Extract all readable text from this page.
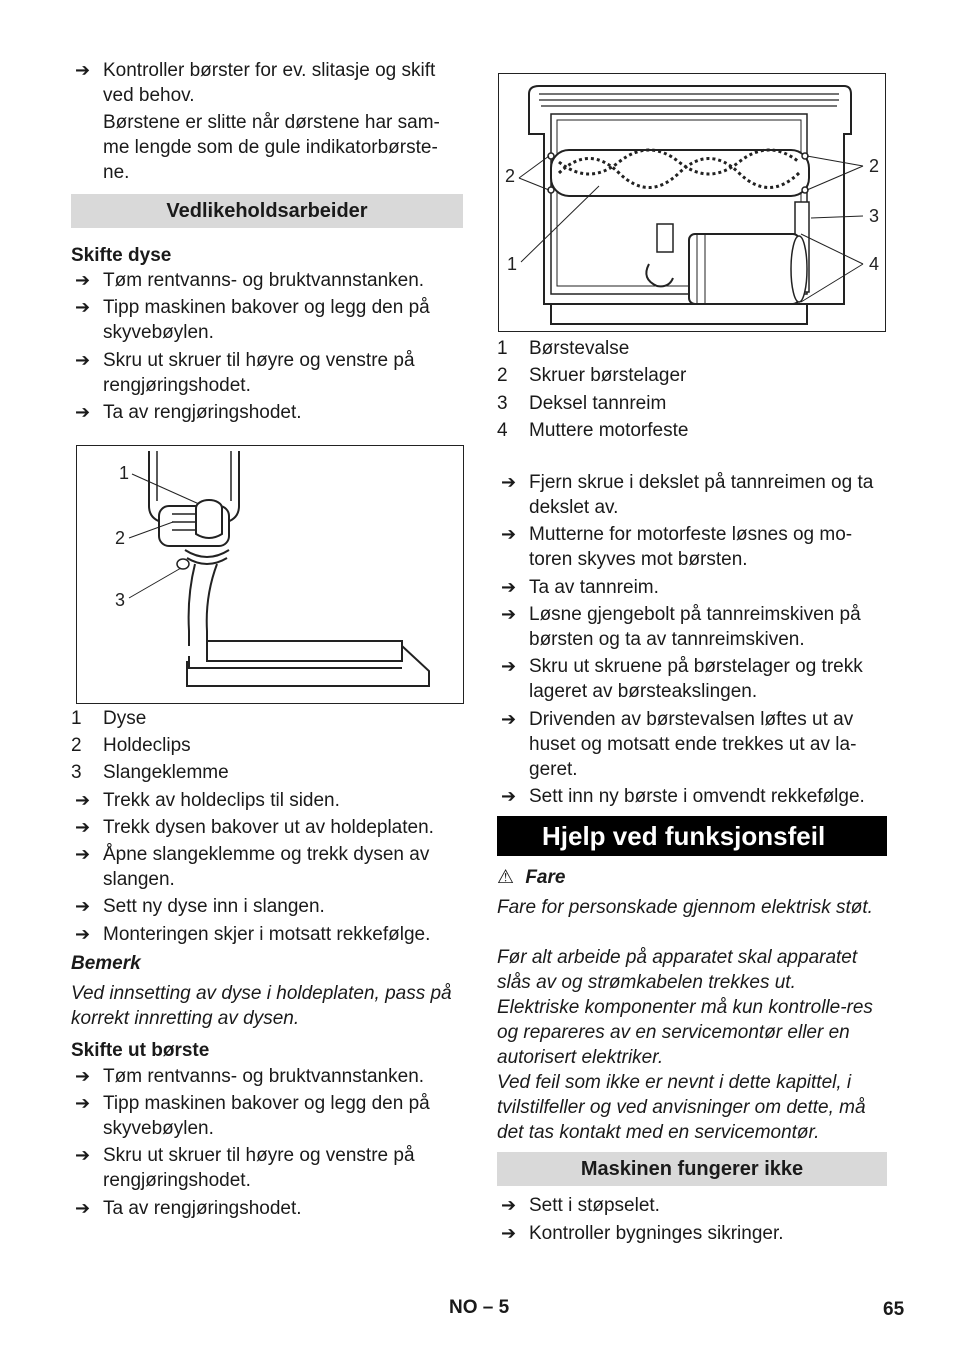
➔ Kontroller børster for ev. slitasje og skift ved behov.
Børstene er slitte når dørstene har sam-me lengde som de gule indikatorbørste-ne.
Vedlikeholdsarbeider
Skifte dyse
➔ Tøm rentvanns- og bruktvannstanken.
➔ Tipp maskinen bakover og legg den på skyvebøylen.
➔ Skru ut skruer til høyre og venstre på rengjøringshodet.
➔ Ta av rengjøringshodet.
1
2
3
1	Dyse
2	Holdeclips
3	Slangeklemme
➔ Trekk av holdeclips til siden.
➔ Trekk dysen bakover ut av holdeplaten.
➔ Åpne slangeklemme og trekk dysen av slangen.
➔ Sett ny dyse inn i slangen.
➔ Monteringen skjer i motsatt rekkefølge.
Bemerk
Ved innsetting av dyse i holdeplaten, pass på korrekt innretting av dysen.
Skifte ut børste
➔ Tøm rentvanns- og bruktvannstanken.
➔ Tipp maskinen bakover og legg den på skyvebøylen.
➔ Skru ut skruer til høyre og venstre på rengjøringshodet.
➔ Ta av rengjøringshodet.
2
1
2
3
4
1	Børstevalse
2	Skruer børstelager
3	Deksel tannreim
4	Muttere motorfeste
➔ Fjern skrue i dekslet på tannreimen og ta dekslet av.
➔ Mutterne for motorfeste løsnes og mo-toren skyves mot børsten.
➔ Ta av tannreim.
➔ Løsne gjengebolt på tannreimskiven på børsten og ta av tannreimskiven.
➔ Skru ut skruene på børstelager og trekk lageret av børsteakslingen.
➔ Drivenden av børstevalsen løftes ut av huset og motsatt ende trekkes ut av la-geret.
➔ Sett inn ny børste i omvendt rekkefølge.
Hjelp ved funksjonsfeil
⚠ Fare
Fare for personskade gjennom elektrisk støt.
Før alt arbeide på apparatet skal apparatet slås av og strømkabelen trekkes ut.
Elektriske komponenter må kun kontrolle-res og repareres av en servicemontør eller en autorisert elektriker.
Ved feil som ikke er nevnt i dette kapittel, i tvilstilfeller og ved anvisninger om dette, må det tas kontakt med en servicemontør.
Maskinen fungerer ikke
➔ Sett i støpselet.
➔ Kontroller bygninges sikringer.
NO – 5	65
